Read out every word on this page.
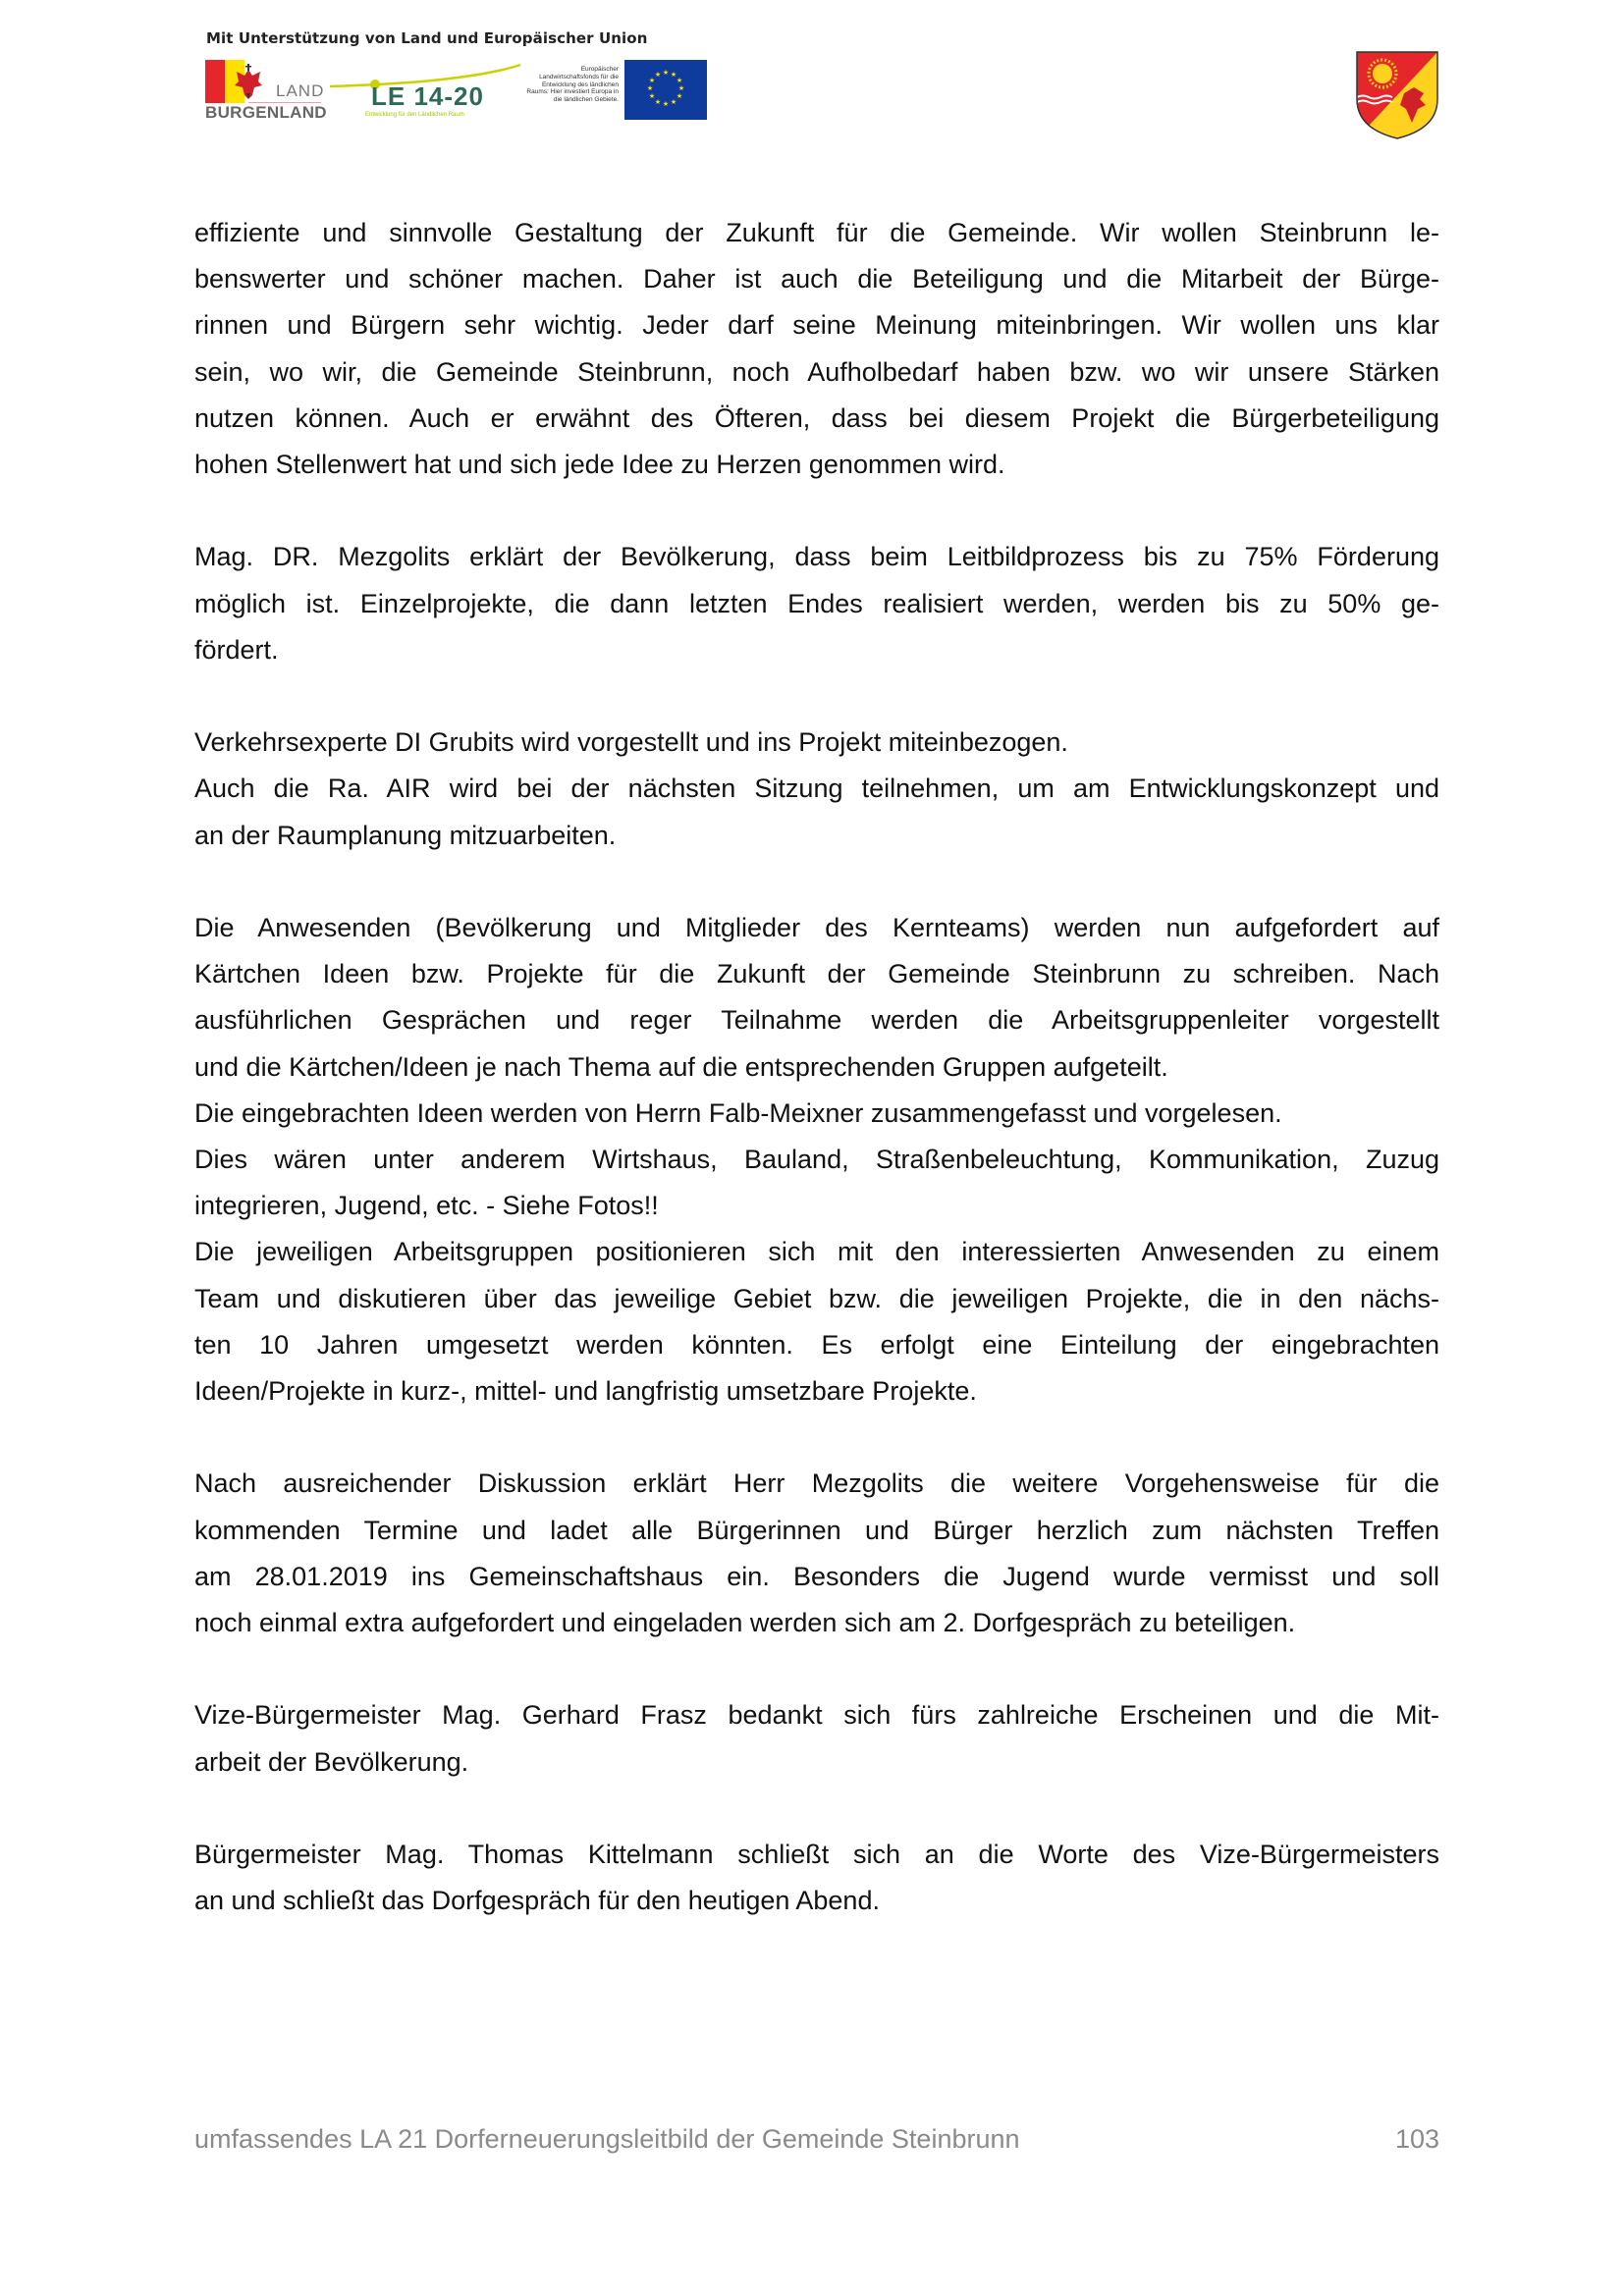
Mit Unterstützung von Land und Europäischer Union
LAND
BURGENLAND
LE 14-20
Entwicklung für den Ländlichen Raum
Europäischer Landwirtschaftsfonds für die Entwicklung des ländlichen Raums: Hier investiert Europa in die ländlichen Gebiete.
★ ★
★
★
★
★
★
★
★
★
★
★
effiziente und sinnvolle Gestaltung der Zukunft für die Gemeinde. Wir wollen Steinbrunn le-
benswerter und schöner machen. Daher ist auch die Beteiligung und die Mitarbeit der Bürge-
rinnen und Bürgern sehr wichtig. Jeder darf seine Meinung miteinbringen. Wir wollen uns klar
sein, wo wir, die Gemeinde Steinbrunn, noch Aufholbedarf haben bzw. wo wir unsere Stärken
nutzen können. Auch er erwähnt des Öfteren, dass bei diesem Projekt die Bürgerbeteiligung
hohen Stellenwert hat und sich jede Idee zu Herzen genommen wird.
Mag. DR. Mezgolits erklärt der Bevölkerung, dass beim Leitbildprozess bis zu 75% Förderung
möglich ist. Einzelprojekte, die dann letzten Endes realisiert werden, werden bis zu 50% ge-
fördert.
Verkehrsexperte DI Grubits wird vorgestellt und ins Projekt miteinbezogen.
Auch die Ra. AIR wird bei der nächsten Sitzung teilnehmen, um am Entwicklungskonzept und
an der Raumplanung mitzuarbeiten.
Die Anwesenden (Bevölkerung und Mitglieder des Kernteams) werden nun aufgefordert auf
Kärtchen Ideen bzw. Projekte für die Zukunft der Gemeinde Steinbrunn zu schreiben. Nach
ausführlichen Gesprächen und reger Teilnahme werden die Arbeitsgruppenleiter vorgestellt
und die Kärtchen/Ideen je nach Thema auf die entsprechenden Gruppen aufgeteilt.
Die eingebrachten Ideen werden von Herrn Falb-Meixner zusammengefasst und vorgelesen.
Dies wären unter anderem Wirtshaus, Bauland, Straßenbeleuchtung, Kommunikation, Zuzug
integrieren, Jugend, etc. - Siehe Fotos!!
Die jeweiligen Arbeitsgruppen positionieren sich mit den interessierten Anwesenden zu einem
Team und diskutieren über das jeweilige Gebiet bzw. die jeweiligen Projekte, die in den nächs-
ten 10 Jahren umgesetzt werden könnten. Es erfolgt eine Einteilung der eingebrachten
Ideen/Projekte in kurz-, mittel- und langfristig umsetzbare Projekte.
Nach ausreichender Diskussion erklärt Herr Mezgolits die weitere Vorgehensweise für die
kommenden Termine und ladet alle Bürgerinnen und Bürger herzlich zum nächsten Treffen
am 28.01.2019 ins Gemeinschaftshaus ein. Besonders die Jugend wurde vermisst und soll
noch einmal extra aufgefordert und eingeladen werden sich am 2. Dorfgespräch zu beteiligen.
Vize-Bürgermeister Mag. Gerhard Frasz bedankt sich fürs zahlreiche Erscheinen und die Mit-
arbeit der Bevölkerung.
Bürgermeister Mag. Thomas Kittelmann schließt sich an die Worte des Vize-Bürgermeisters
an und schließt das Dorfgespräch für den heutigen Abend.
umfassendes LA 21 Dorferneuerungsleitbild der Gemeinde Steinbrunn	103
